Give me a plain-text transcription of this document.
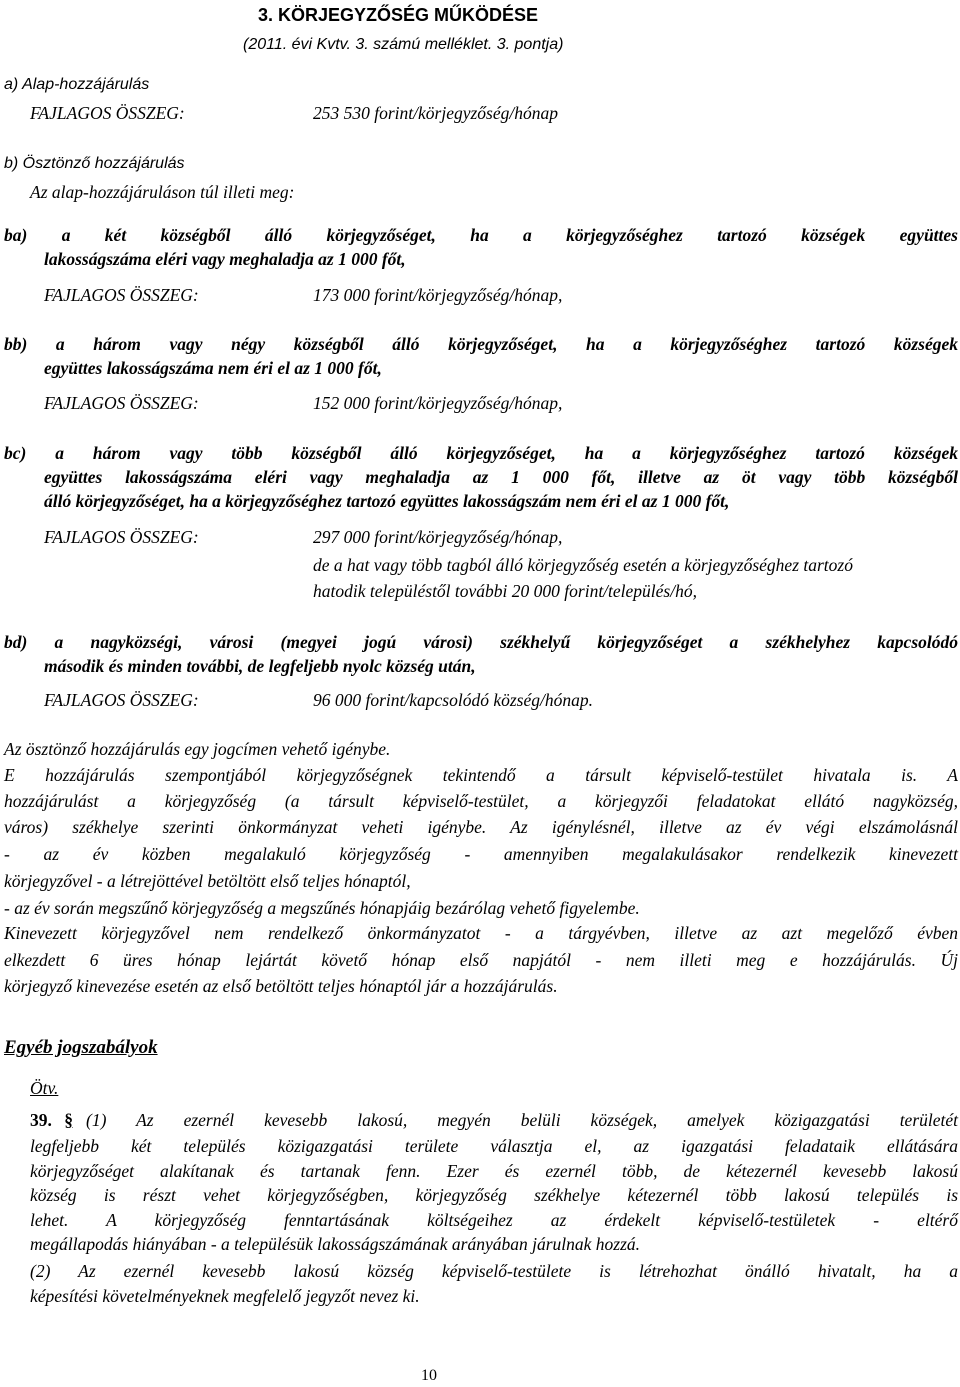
3. KÖRJEGYZŐSÉG MŰKÖDÉSE
(2011. évi Kvtv. 3. számú melléklet. 3. pontja)
a) Alap-hozzájárulás
FAJLAGOS ÖSSZEG:	253 530 forint/körjegyzőség/hónap
b) Ösztönző hozzájárulás
Az alap-hozzájáruláson túl illeti meg:
ba) a két községből álló körjegyzőséget, ha a körjegyzőséghez tartozó községek együttes
lakosságszáma eléri vagy meghaladja az 1 000 főt,
FAJLAGOS ÖSSZEG:	173 000 forint/körjegyzőség/hónap,
bb) a három vagy négy községből álló körjegyzőséget, ha a körjegyzőséghez tartozó községek
együttes lakosságszáma nem éri el az 1 000 főt,
FAJLAGOS ÖSSZEG:	152 000 forint/körjegyzőség/hónap,
bc) a három vagy több községből álló körjegyzőséget, ha a körjegyzőséghez tartozó községek
együttes lakosságszáma eléri vagy meghaladja az 1 000 főt, illetve az öt vagy több községből
álló körjegyzőséget, ha a körjegyzőséghez tartozó együttes lakosságszám nem éri el az 1 000 főt,
FAJLAGOS ÖSSZEG:	297 000 forint/körjegyzőség/hónap,
de a hat vagy több tagból álló körjegyzőség esetén a körjegyzőséghez tartozó
hatodik településtől további 20 000 forint/település/hó,
bd) a nagyközségi, városi (megyei jogú városi) székhelyű körjegyzőséget a székhelyhez kapcsolódó
második és minden további, de legfeljebb nyolc község után,
FAJLAGOS ÖSSZEG:	96 000 forint/kapcsolódó község/hónap.
Az ösztönző hozzájárulás egy jogcímen vehető igénybe.
E hozzájárulás szempontjából körjegyzőségnek tekintendő a társult képviselő-testület hivatala is. A
hozzájárulást a körjegyzőség (a társult képviselő-testület, a körjegyzői feladatokat ellátó nagyközség,
város) székhelye szerinti önkormányzat veheti igénybe. Az igénylésnél, illetve az év végi elszámolásnál
- az év közben megalakuló körjegyzőség - amennyiben megalakulásakor rendelkezik kinevezett
körjegyzővel - a létrejöttével betöltött első teljes hónaptól,
- az év során megszűnő körjegyzőség a megszűnés hónapjáig bezárólag vehető figyelembe.
Kinevezett körjegyzővel nem rendelkező önkormányzatot - a tárgyévben, illetve az azt megelőző évben
elkezdett 6 üres hónap lejártát követő hónap első napjától - nem illeti meg e hozzájárulás. Új
körjegyző kinevezése esetén az első betöltött teljes hónaptól jár a hozzájárulás.
Egyéb jogszabályok
Ötv.
39. § (1) Az ezernél kevesebb lakosú, megyén belüli községek, amelyek közigazgatási területét
legfeljebb két település közigazgatási területe választja el, az igazgatási feladataik ellátására
körjegyzőséget alakítanak és tartanak fenn. Ezer és ezernél több, de kétezernél kevesebb lakosú
község is részt vehet körjegyzőségben, körjegyzőség székhelye kétezernél több lakosú település is
lehet. A körjegyzőség fenntartásának költségeihez az érdekelt képviselő-testületek - eltérő
megállapodás hiányában - a településük lakosságszámának arányában járulnak hozzá.
(2) Az ezernél kevesebb lakosú község képviselő-testülete is létrehozhat önálló hivatalt, ha a
képesítési követelményeknek megfelelő jegyzőt nevez ki.
10
